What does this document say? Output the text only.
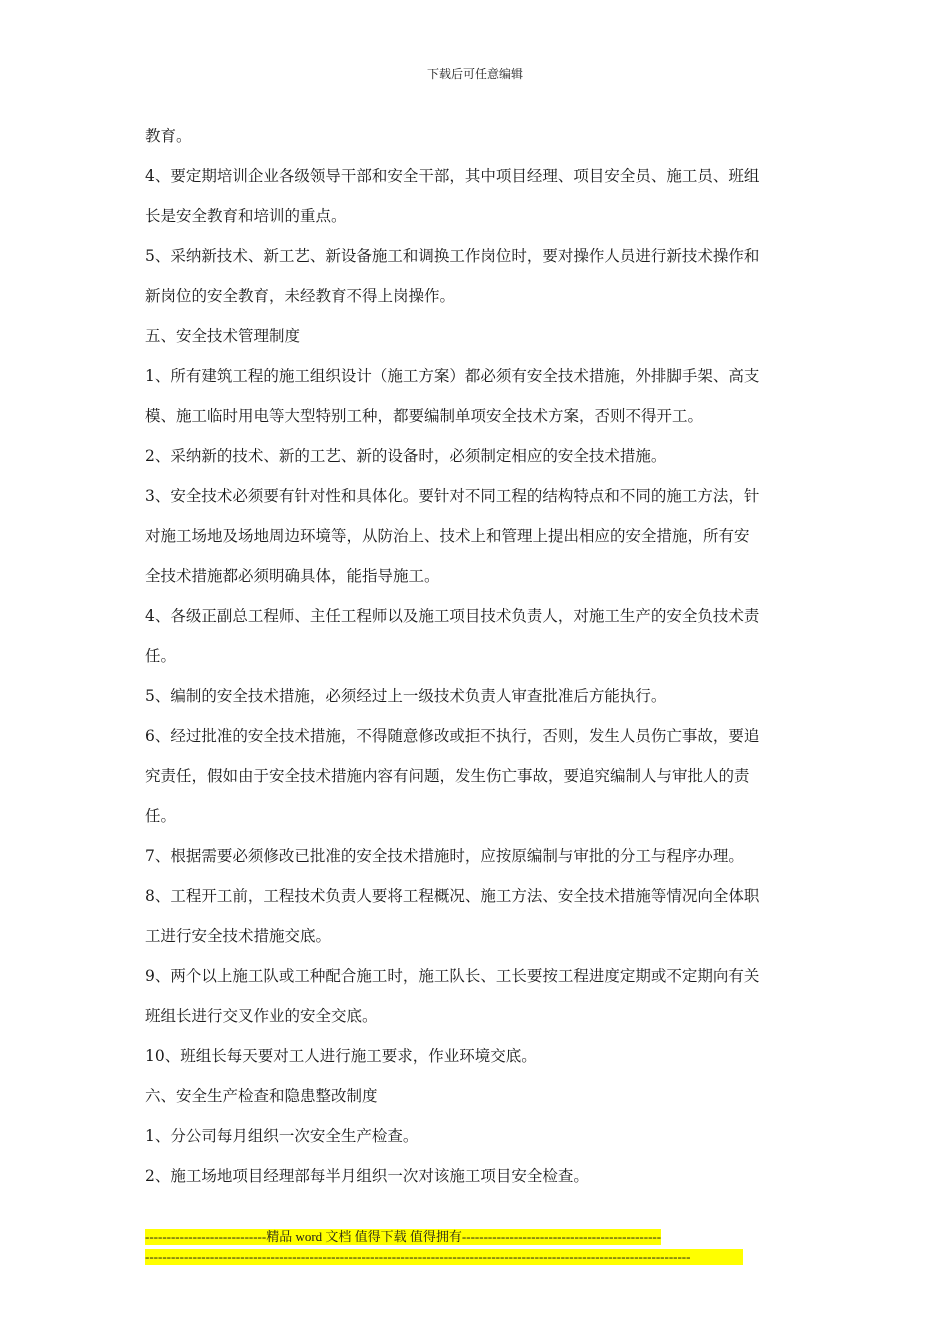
下载后可任意编辑

教育。

4、要定期培训企业各级领导干部和安全干部，其中项目经理、项目安全员、施工员、班组

长是安全教育和培训的重点。

5、采纳新技术、新工艺、新设备施工和调换工作岗位时，要对操作人员进行新技术操作和

新岗位的安全教育，未经教育不得上岗操作。

五、安全技术管理制度

1、所有建筑工程的施工组织设计（施工方案）都必须有安全技术措施，外排脚手架、高支

模、施工临时用电等大型特别工种，都要编制单项安全技术方案，否则不得开工。

2、采纳新的技术、新的工艺、新的设备时，必须制定相应的安全技术措施。

3、安全技术必须要有针对性和具体化。要针对不同工程的结构特点和不同的施工方法，针

对施工场地及场地周边环境等，从防治上、技术上和管理上提出相应的安全措施，所有安

全技术措施都必须明确具体，能指导施工。

4、各级正副总工程师、主任工程师以及施工项目技术负责人，对施工生产的安全负技术责

任。

5、编制的安全技术措施，必须经过上一级技术负责人审查批准后方能执行。

6、经过批准的安全技术措施，不得随意修改或拒不执行，否则，发生人员伤亡事故，要追

究责任，假如由于安全技术措施内容有问题，发生伤亡事故，要追究编制人与审批人的责

任。

7、根据需要必须修改已批准的安全技术措施时，应按原编制与审批的分工与程序办理。

8、工程开工前，工程技术负责人要将工程概况、施工方法、安全技术措施等情况向全体职

工进行安全技术措施交底。

9、两个以上施工队或工种配合施工时，施工队长、工长要按工程进度定期或不定期向有关

班组长进行交叉作业的安全交底。

10、班组长每天要对工人进行施工要求，作业环境交底。

六、安全生产检查和隐患整改制度

1、分公司每月组织一次安全生产检查。

2、施工场地项目经理部每半月组织一次对该施工项目安全检查。

----------------------------精品 word 文档 值得下载 值得拥有----------------------------------------------
------------------------------------------------------------------------------------------------------------------------------
